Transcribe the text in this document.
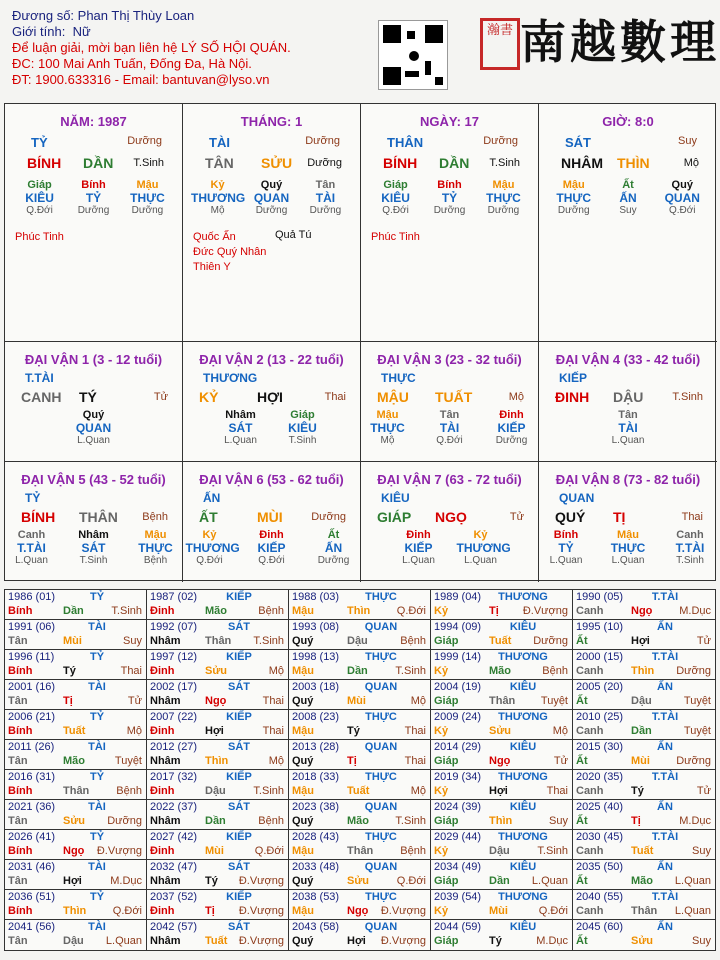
Đương số: Phan Thị Thùy Loan
Giới tính: Nữ
Để luận giải, mời bạn liên hệ LÝ SỐ HỘI QUÁN.
ĐC: 100 Mai Anh Tuấn, Đống Đa, Hà Nội.
ĐT: 1900.633316 - Email: bantuvan@lyso.vn
瀚書 南越數理
NĂM: 1987
TỶ	Dưỡng
BÍNH DẦN T.Sinh
Giáp	Bính	Mậu
KIÊU	TỶ	THỰC
Q.Đới	Dưỡng	Dưỡng
Phúc Tinh
THÁNG: 1
TÀI	Dưỡng
TÂN SỬU Dưỡng
Kỷ	Quý	Tân
THƯƠNG QUAN	TÀI
Mộ	Dưỡng	Dưỡng
Quốc Ấn	Quả Tú
Đức Quý Nhân
Thiên Y
NGÀY: 17
THÂN	Dưỡng
BÍNH DẦN T.Sinh
Giáp	Bính	Mậu
KIÊU	TỶ	THỰC
Q.Đới	Dưỡng	Dưỡng
Phúc Tinh
GIỜ: 8:0
SÁT	Suy
NHÂM THÌN	Mộ
Mậu	Ất	Quý
THỰC	ẤN	QUAN
Dưỡng	Suy	Q.Đới
ĐẠI VẬN 1 (3 - 12 tuổi)
T.TÀI
CANH TÝ	Tử
Quý
QUAN
L.Quan
ĐẠI VẬN 2 (13 - 22 tuổi)
THƯƠNG
KỶ	HỢI	Thai
Nhâm	Giáp
SÁT	KIÊU
L.Quan	T.Sinh
ĐẠI VẬN 3 (23 - 32 tuổi)
THỰC
MẬU TUẤT	Mộ
Mậu	Tân	Đinh
THỰC	TÀI	KIẾP
Mộ	Q.Đới	Dưỡng
ĐẠI VẬN 4 (33 - 42 tuổi)
KIẾP
ĐINH DẬU	T.Sinh
Tân
TÀI
L.Quan
ĐẠI VẬN 5 (43 - 52 tuổi)
TỶ
BÍNH THÂN Bệnh
Canh	Nhâm	Mậu
T.TÀI	SÁT	THỰC
L.Quan	T.Sinh	Bệnh
ĐẠI VẬN 6 (53 - 62 tuổi)
ẤN
ẤT	MÙI	Dưỡng
Kỷ	Đinh	Ất
THƯƠNG	KIẾP	ẤN
Q.Đới	Q.Đới	Dưỡng
ĐẠI VẬN 7 (63 - 72 tuổi)
KIÊU
GIÁP NGỌ	Tử
Đinh	Kỷ
KIẾP	THƯƠNG
L.Quan	L.Quan
ĐẠI VẬN 8 (73 - 82 tuổi)
QUAN
QUÝ TỊ	Thai
Bính	Mậu	Canh
TỶ	THỰC	T.TÀI
L.Quan	L.Quan	T.Sinh
1986 (01)	TỶ
Bính	Dần	T.Sinh
1987 (02)	KIẾP
Đinh	Mão	Bệnh
1988 (03) THỰC
Mậu	Thìn Q.Đới
1989 (04) THƯƠNG
Kỷ	Tị Đ.Vượng
1990 (05)	T.TÀI
Canh	Ngọ M.Dục
1991 (06)	TÀI
Tân	Mùi	Suy
1992 (07)	SÁT
Nhâm Thân T.Sinh
1993 (08) QUAN
Quý	Dậu	Bệnh
1994 (09)	KIÊU
Giáp	Tuất Dưỡng
1995 (10)	ẤN
Ất	Hợi	Tử
1996 (11)	TỶ
Bính	Tý	Thai
1997 (12)	KIẾP
Đinh	Sửu	Mộ
1998 (13) THỰC
Mậu	Dần	T.Sinh
1999 (14) THƯƠNG
Kỷ	Mão	Bệnh
2000 (15)	T.TÀI
Canh	Thìn Dưỡng
2001 (16)	TÀI
Tân	Tị	Tử
2002 (17)	SÁT
Nhâm Ngọ	Thai
2003 (18) QUAN
Quý	Mùi	Mộ
2004 (19)	KIÊU
Giáp	Thân Tuyệt
2005 (20)	ẤN
Ất	Dậu	Tuyệt
2006 (21)	TỶ
Bính	Tuất	Mộ
2007 (22)	KIẾP
Đinh	Hợi	Thai
2008 (23) THỰC
Mậu	Tý	Thai
2009 (24) THƯƠNG
Kỷ	Sửu	Mộ
2010 (25)	T.TÀI
Canh	Dần	Tuyệt
2011 (26)	TÀI
Tân	Mão	Tuyệt
2012 (27)	SÁT
Nhâm Thìn	Mộ
2013 (28) QUAN
Quý	Tị	Thai
2014 (29)	KIÊU
Giáp	Ngọ	Tử
2015 (30)	ẤN
Ất	Mùi Dưỡng
2016 (31)	TỶ
Bính	Thân Bệnh
2017 (32)	KIẾP
Đinh	Dậu	T.Sinh
2018 (33) THỰC
Mậu	Tuất	Mộ
2019 (34) THƯƠNG
Kỷ	Hợi	Thai
2020 (35)	T.TÀI
Canh	Tý	Tử
2021 (36)	TÀI
Tân	Sửu Dưỡng
2022 (37)	SÁT
Nhâm Dần	Bệnh
2023 (38) QUAN
Quý	Mão T.Sinh
2024 (39)	KIÊU
Giáp	Thìn	Suy
2025 (40)	ẤN
Ất	Tị	M.Dục
2026 (41)	TỶ
Bính	Ngọ Đ.Vượng
2027 (42)	KIẾP
Đinh	Mùi	Q.Đới
2028 (43) THỰC
Mậu	Thân Bệnh
2029 (44) THƯƠNG
Kỷ	Dậu	T.Sinh
2030 (45)	T.TÀI
Canh	Tuất	Suy
2031 (46)	TÀI
Tân	Hợi	M.Dục
2032 (47)	SÁT
Nhâm Tý Đ.Vượng
2033 (48) QUAN
Quý	Sửu	Q.Đới
2034 (49)	KIÊU
Giáp	Dần L.Quan
2035 (50)	ẤN
Ất	Mão L.Quan
2036 (51)	TỶ
Bính	Thìn Q.Đới
2037 (52)	KIẾP
Đinh	Tị Đ.Vượng
2038 (53) THỰC
Mậu	Ngọ Đ.Vượng
2039 (54) THƯƠNG
Kỷ	Mùi	Q.Đới
2040 (55)	T.TÀI
Canh	Thân L.Quan
2041 (56)	TÀI
Tân	Dậu L.Quan
2042 (57)	SÁT
Nhâm Tuất Đ.Vượng
2043 (58) QUAN
Quý	Hợi Đ.Vượng
2044 (59)	KIÊU
Giáp	Tý	M.Dục
2045 (60)	ẤN
Ất	Sửu	Suy
